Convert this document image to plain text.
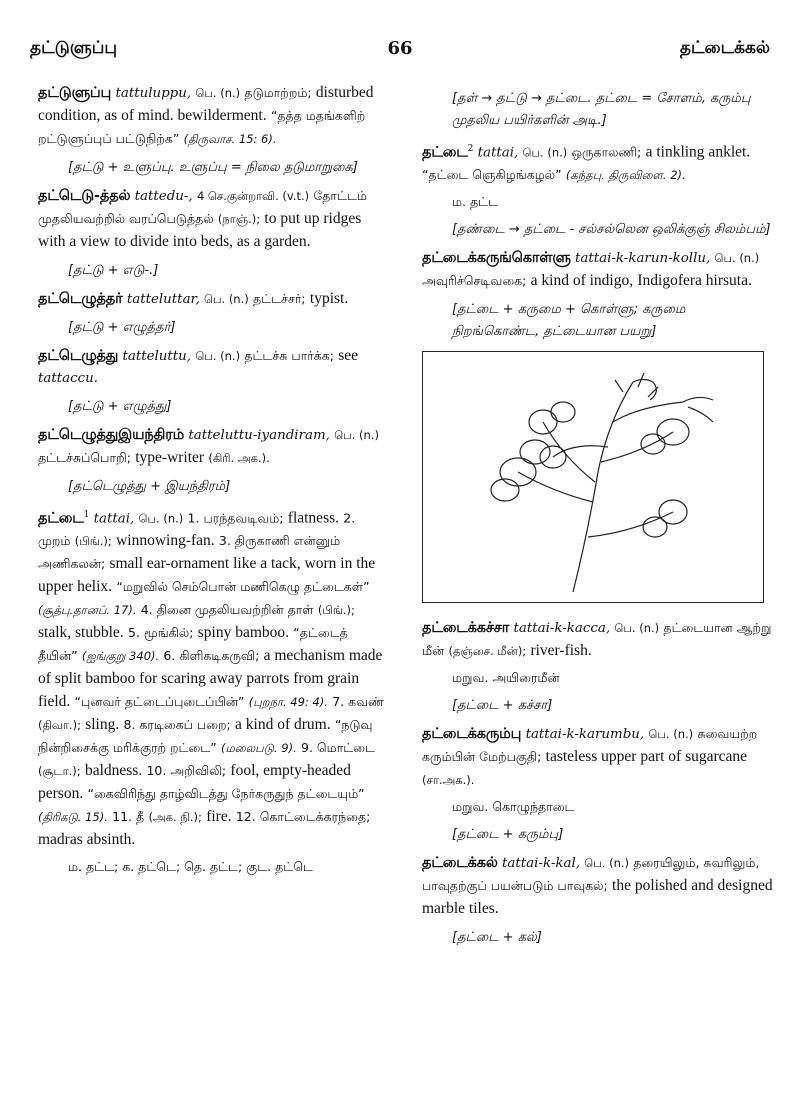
தட்டுளுப்பு	66	தட்டைக்கல்
தட்டுளுப்பு tattuluppu, பெ. (n.) தடுமாற்றம்; disturbed condition, as of mind. bewilderment. “தத்த மதங்களிற் றட்டுளுப்புப் பட்டுநிற்க” (திருவாச. 15: 6).
[தட்டு + உளுப்பு. உளுப்பு = நிலை தடுமாறுகை]
தட்டெடு-த்தல் tattedu-, 4 செ.குன்றாவி. (v.t.) தோட்டம் முதலியவற்றில் வரப்பெடுத்தல் (நாஞ்.); to put up ridges with a view to divide into beds, as a garden.
[தட்டு + எடு-.]
தட்டெழுத்தர் tatteluttar, பெ. (n.) தட்டச்சர்; typist.
[தட்டு + எழுத்தர்]
தட்டெழுத்து tatteluttu, பெ. (n.) தட்டச்சு பார்க்க; see tattaccu.
[தட்டு + எழுத்து]
தட்டெழுத்துஇயந்திரம் tatteluttu-iyandiram, பெ. (n.) தட்டச்சுப்பொறி; type-writer (கிரி. அக.).
[தட்டெழுத்து + இயந்திரம்]
தட்டை$^1$ tattai, பெ. (n.) 1. பரந்தவடிவம்; flatness. 2. முறம் (பிங்.); winnowing-fan. 3. திருகாணி என்னும் அணிகலன்; small ear-ornament like a tack, worn in the upper helix. “மறுவில் செம்பொன் மணிகெழு தட்டைகள்” (சூத்பு.தானப். 17). 4. தினை முதலியவற்றின் தாள் (பிங்.); stalk, stubble. 5. மூங்கில்; spiny bamboo. “தட்டைத் தீயின்” (ஐங்குறு 340). 6. கிளிகடிகருவி; a mechanism made of split bamboo for scaring away parrots from grain field. “புனவர் தட்டைப்புடைப்பின்” (புறநா. 49: 4). 7. கவண் (திவா.); sling. 8. கரடிகைப் பறை; a kind of drum. “நடுவு நின்றிசைக்கு மரிக்குரற் றட்டை” (மலைபடு. 9). 9. மொட்டை (சூடா.); baldness. 10. அறிவிலி; fool, empty-headed person. “கைவிரிந்து தாழ்விடத்து நேர்கருதுந் தட்டையும்” (திரிகடு. 15). 11. தீ (அக. நி.); fire. 12. கொட்டைக்கரந்தை; madras absinth.
ம. தட்ட; க. தட்டெ; தெ. தட்ட; குட. தட்டெ
[தள் → தட்டு → தட்டை. தட்டை = சோளம், கரும்பு முதலிய பயிர்களின் அடி.]
தட்டை$^2$ tattai, பெ. (n.) ஒருகாலணி; a tinkling anklet. “தட்டை ஞெகிழங்கழல்” (கந்தபு. திருவிளை. 2).
ம. தட்ட
[தண்டை → தட்டை - சல்சல்லென ஒலிக்குஞ் சிலம்பம்]
தட்டைக்கருங்கொள்ளு tattai-k-karun-kollu, பெ. (n.) அவுரிச்செடிவகை; a kind of indigo, Indigofera hirsuta.
[தட்டை + கருமை + கொள்ளு; கருமை நிறங்கொண்ட, தட்டையான பயறு]
தட்டைக்கச்சா tattai-k-kacca, பெ. (n.) தட்டையான ஆற்று மீன் (தஞ்சை. மீன்); river-fish.
மறுவ. அயிரைமீன்
[தட்டை + கச்சா]
தட்டைக்கரும்பு tattai-k-karumbu, பெ. (n.) சுவையற்ற கரும்பின் மேற்பகுதி; tasteless upper part of sugarcane (சா.அக.).
மறுவ. கொழுந்தாடை
[தட்டை + கரும்பு]
தட்டைக்கல் tattai-k-kal, பெ. (n.) தரையிலும், சுவரிலும், பாவுதற்குப் பயன்படும் பாவுகல்; the polished and designed marble tiles.
[தட்டை + கல்]
